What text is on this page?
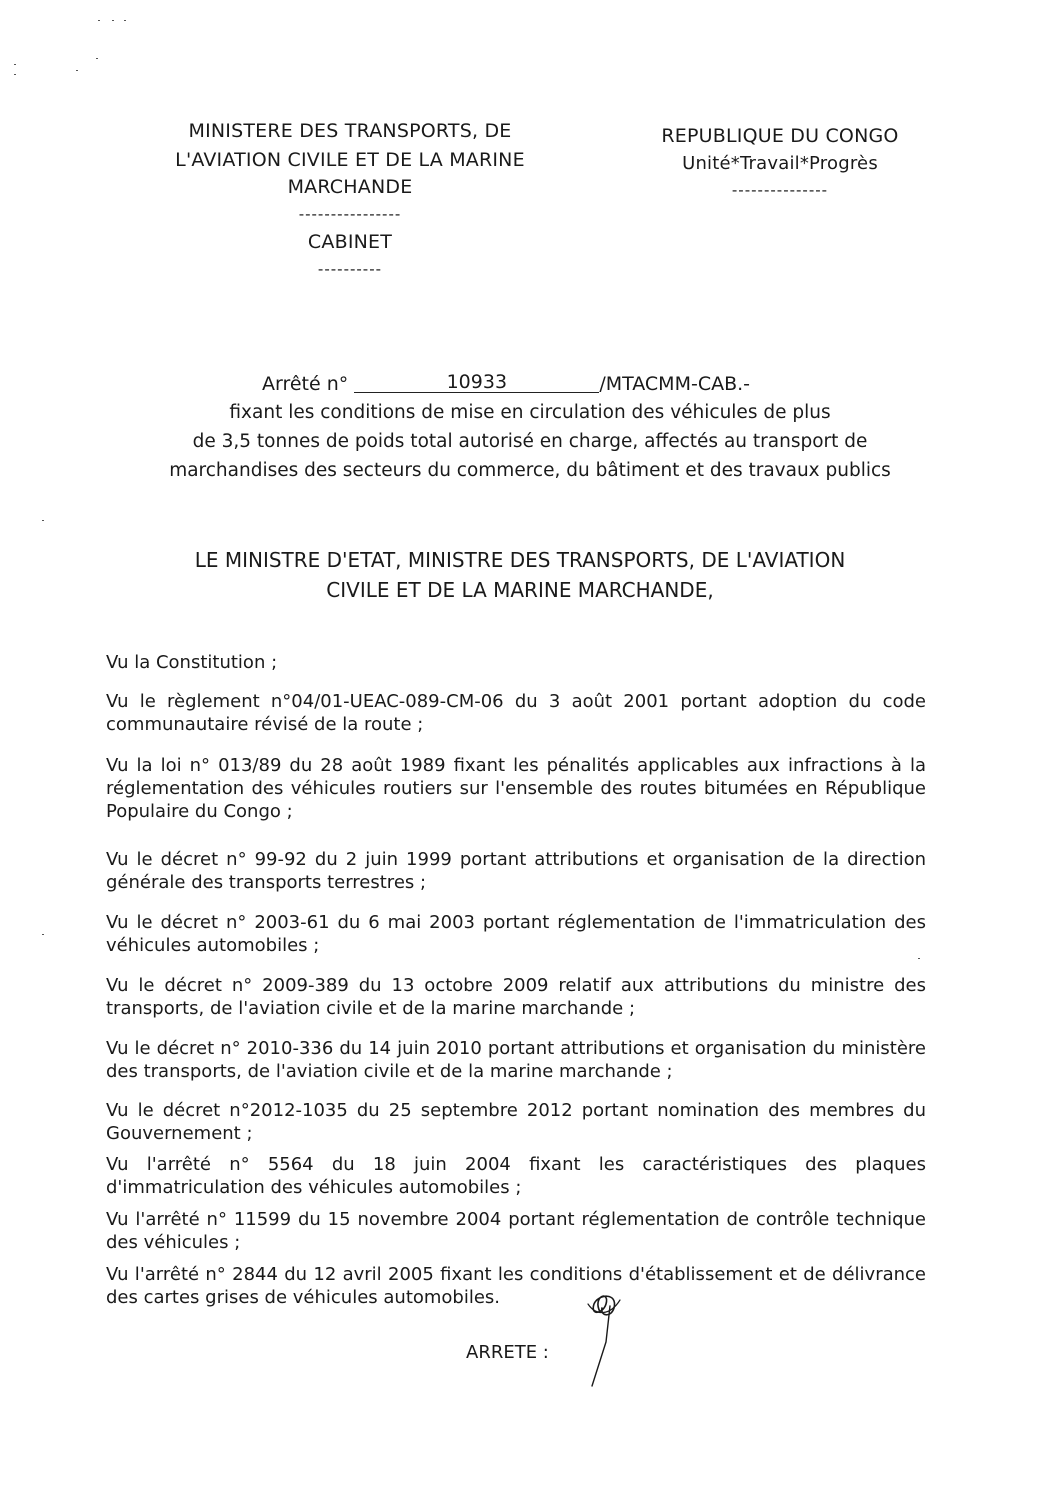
MINISTERE DES TRANSPORTS, DE
L'AVIATION CIVILE ET DE LA MARINE
MARCHANDE
----------------
CABINET
----------
REPUBLIQUE DU CONGO
Unité*Travail*Progrès
---------------
Arrêté n°	10933	/MTACMM-CAB.-
fixant les conditions de mise en circulation des véhicules de plus
de 3,5 tonnes de poids total autorisé en charge, affectés au transport de
marchandises des secteurs du commerce, du bâtiment et des travaux publics
LE MINISTRE D'ETAT, MINISTRE DES TRANSPORTS, DE L'AVIATION
CIVILE ET DE LA MARINE MARCHANDE,
Vu la Constitution ;
Vu le règlement n°04/01-UEAC-089-CM-06 du 3 août 2001 portant adoption du code communautaire révisé de la route ;
Vu la loi n° 013/89 du 28 août 1989 fixant les pénalités applicables aux infractions à la réglementation des véhicules routiers sur l'ensemble des routes bitumées en République Populaire du Congo ;
Vu le décret n° 99-92 du 2 juin 1999 portant attributions et organisation de la direction générale des transports terrestres ;
Vu le décret n° 2003-61 du 6 mai 2003 portant réglementation de l'immatriculation des véhicules automobiles ;
Vu le décret n° 2009-389 du 13 octobre 2009 relatif aux attributions du ministre des transports, de l'aviation civile et de la marine marchande ;
Vu le décret n° 2010-336 du 14 juin 2010 portant attributions et organisation du ministère des transports, de l'aviation civile et de la marine marchande ;
Vu le décret n°2012-1035 du 25 septembre 2012 portant nomination des membres du Gouvernement ;
Vu l'arrêté n° 5564 du 18 juin 2004 fixant les caractéristiques des plaques d'immatriculation des véhicules automobiles ;
Vu l'arrêté n° 11599 du 15 novembre 2004 portant réglementation de contrôle technique des véhicules ;
Vu l'arrêté n° 2844 du 12 avril 2005 fixant les conditions d'établissement et de délivrance des cartes grises de véhicules automobiles.
ARRETE :
